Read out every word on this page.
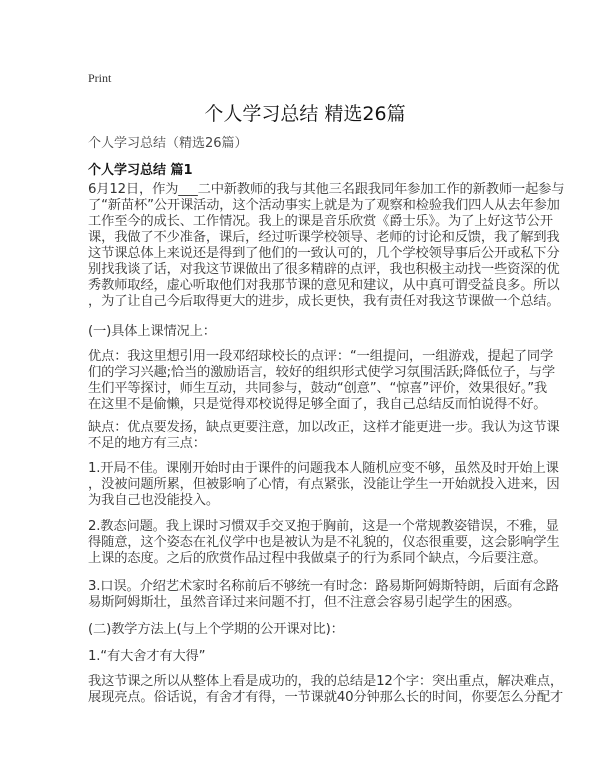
Print
个人学习总结 精选26篇
个人学习总结（精选26篇）
个人学习总结 篇1
6月12日，作为___二中新教师的我与其他三名跟我同年参加工作的新教师一起参与
了“新苗杯”公开课活动，这个活动事实上就是为了观察和检验我们四人从去年参加
工作至今的成长、工作情况。我上的课是音乐欣赏《爵士乐》。为了上好这节公开
课，我做了不少准备，课后，经过听课学校领导、老师的讨论和反馈，我了解到我
这节课总体上来说还是得到了他们的一致认可的，几个学校领导事后公开或私下分
别找我谈了话，对我这节课做出了很多精辟的点评，我也积极主动找一些资深的优
秀教师取经，虚心听取他们对我那节课的意见和建议，从中真可谓受益良多。所以
，为了让自己今后取得更大的进步，成长更快，我有责任对我这节课做一个总结。
(一)具体上课情况上：
优点：我这里想引用一段邓绍球校长的点评：“一组提问，一组游戏，提起了同学
们的学习兴趣;恰当的激励语言，较好的组织形式使学习氛围活跃;降低位子，与学
生们平等探讨，师生互动，共同参与，鼓动“创意”、“惊喜”评价，效果很好。”我
在这里不是偷懒，只是觉得邓校说得足够全面了，我自己总结反而怕说得不好。
缺点：优点要发扬，缺点更要注意，加以改正，这样才能更进一步。我认为这节课
不足的地方有三点：
1.开局不佳。课刚开始时由于课件的问题我本人随机应变不够，虽然及时开始上课
，没被问题所累，但被影响了心情，有点紧张，没能让学生一开始就投入进来，因
为我自己也没能投入。
2.教态问题。我上课时习惯双手交叉抱于胸前，这是一个常规教姿错误，不雅，显
得随意，这个姿态在礼仪学中也是被认为是不礼貌的，仪态很重要，这会影响学生
上课的态度。之后的欣赏作品过程中我做桌子的行为系同个缺点，今后要注意。
3.口误。介绍艺术家时名称前后不够统一有时念：路易斯阿姆斯特朗，后面有念路
易斯阿姆斯壮，虽然音译过来问题不打，但不注意会容易引起学生的困惑。
(二)教学方法上(与上个学期的公开课对比)：
1.“有大舍才有大得”
我这节课之所以从整体上看是成功的，我的总结是12个字：突出重点，解决难点，
展现亮点。俗话说，有舍才有得，一节课就40分钟那么长的时间，你要怎么分配才
